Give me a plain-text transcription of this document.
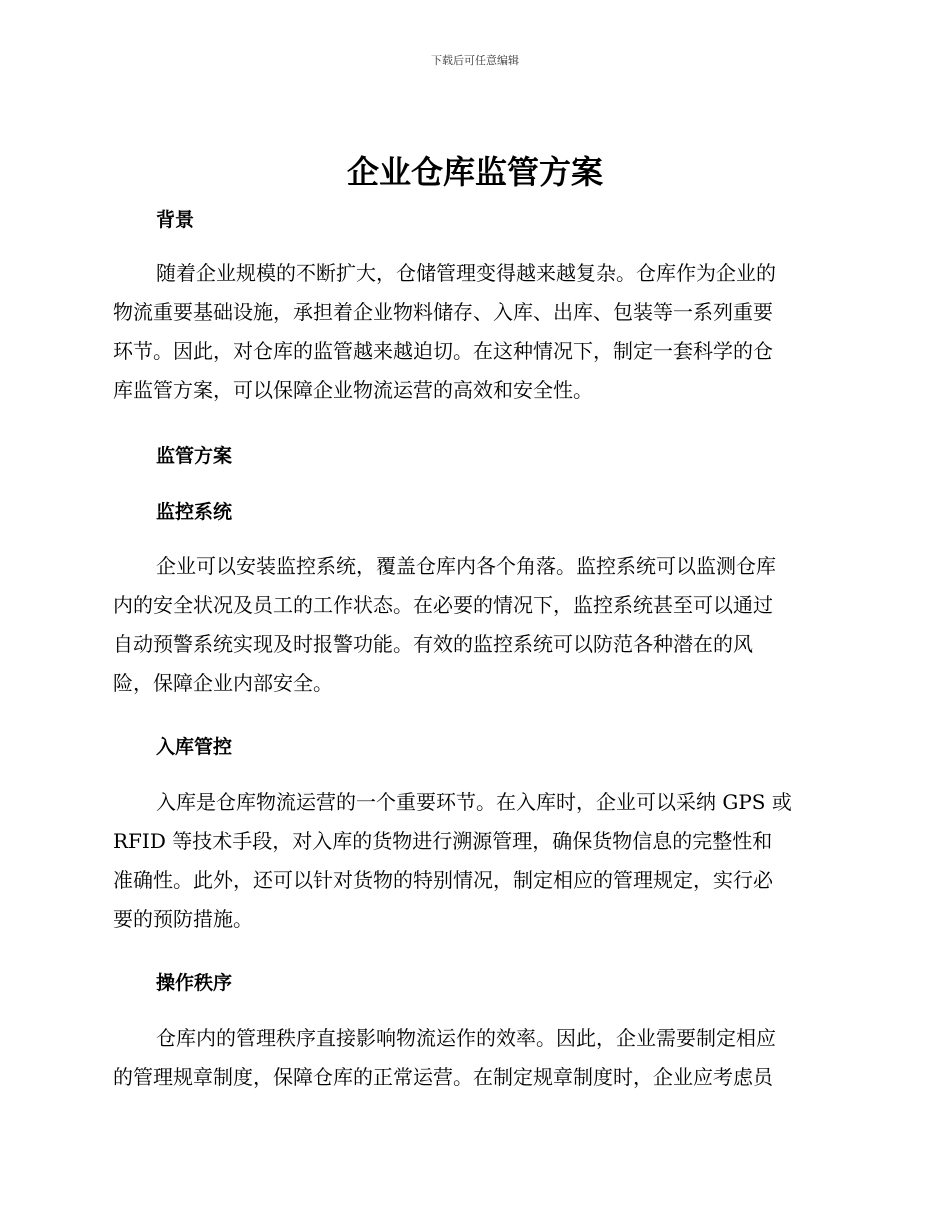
下载后可任意编辑
企业仓库监管方案
背景

随着企业规模的不断扩大，仓储管理变得越来越复杂。仓库作为企业的
物流重要基础设施，承担着企业物料储存、入库、出库、包装等一系列重要
环节。因此，对仓库的监管越来越迫切。在这种情况下，制定一套科学的仓
库监管方案，可以保障企业物流运营的高效和安全性。

监管方案
监控系统

企业可以安装监控系统，覆盖仓库内各个角落。监控系统可以监测仓库
内的安全状况及员工的工作状态。在必要的情况下，监控系统甚至可以通过
自动预警系统实现及时报警功能。有效的监控系统可以防范各种潜在的风
险，保障企业内部安全。

入库管控

入库是仓库物流运营的一个重要环节。在入库时，企业可以采纳 GPS 或
RFID 等技术手段，对入库的货物进行溯源管理，确保货物信息的完整性和
准确性。此外，还可以针对货物的特别情况，制定相应的管理规定，实行必
要的预防措施。

操作秩序

仓库内的管理秩序直接影响物流运作的效率。因此，企业需要制定相应
的管理规章制度，保障仓库的正常运营。在制定规章制度时，企业应考虑员
